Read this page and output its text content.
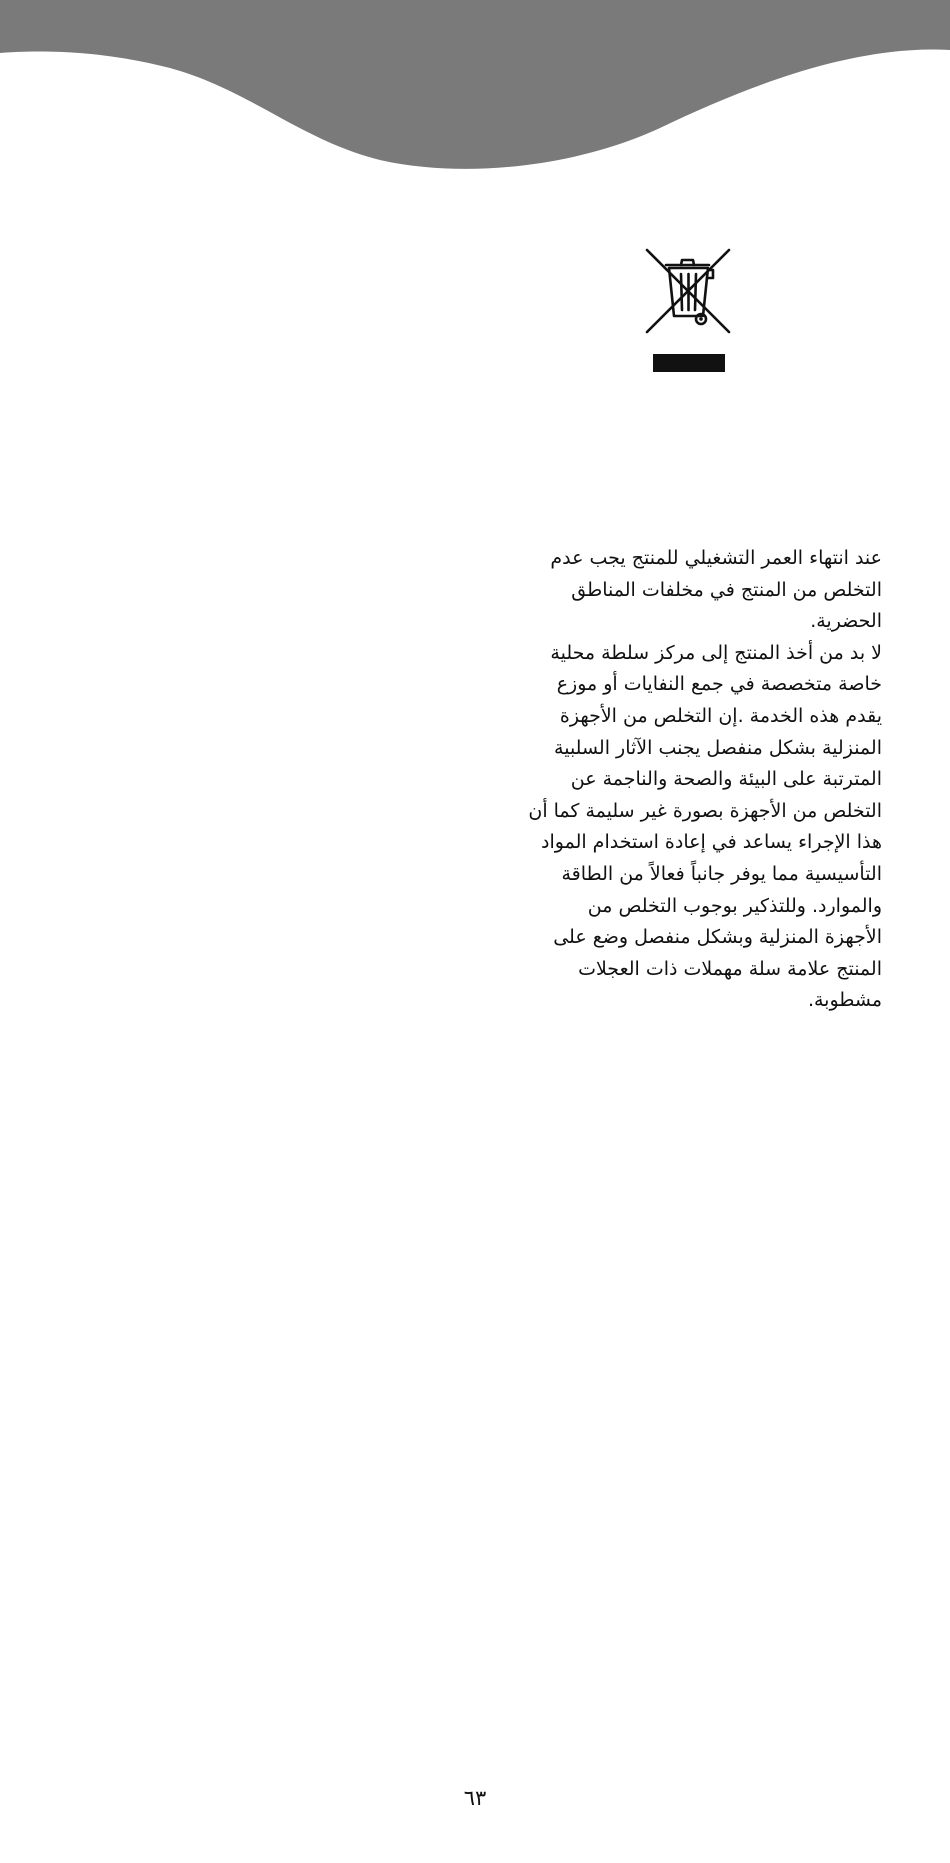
عند انتهاء العمر التشغيلي للمنتج يجب عدم
التخلص من المنتج في مخلفات المناطق
الحضرية.
لا بد من أخذ المنتج إلى مركز سلطة محلية
خاصة متخصصة في جمع النفايات أو موزع
يقدم هذه الخدمة .إن التخلص من الأجهزة
المنزلية بشكل منفصل يجنب الآثار السلبية
المترتبة على البيئة والصحة والناجمة عن
التخلص من الأجهزة بصورة غير سليمة كما أن
هذا الإجراء يساعد في إعادة استخدام المواد
التأسيسية مما يوفر جانباً فعالاً من الطاقة
والموارد. وللتذكير بوجوب التخلص من
الأجهزة المنزلية وبشكل منفصل وضع على
المنتج علامة سلة مهملات ذات العجلات
مشطوبة.
٦٣
